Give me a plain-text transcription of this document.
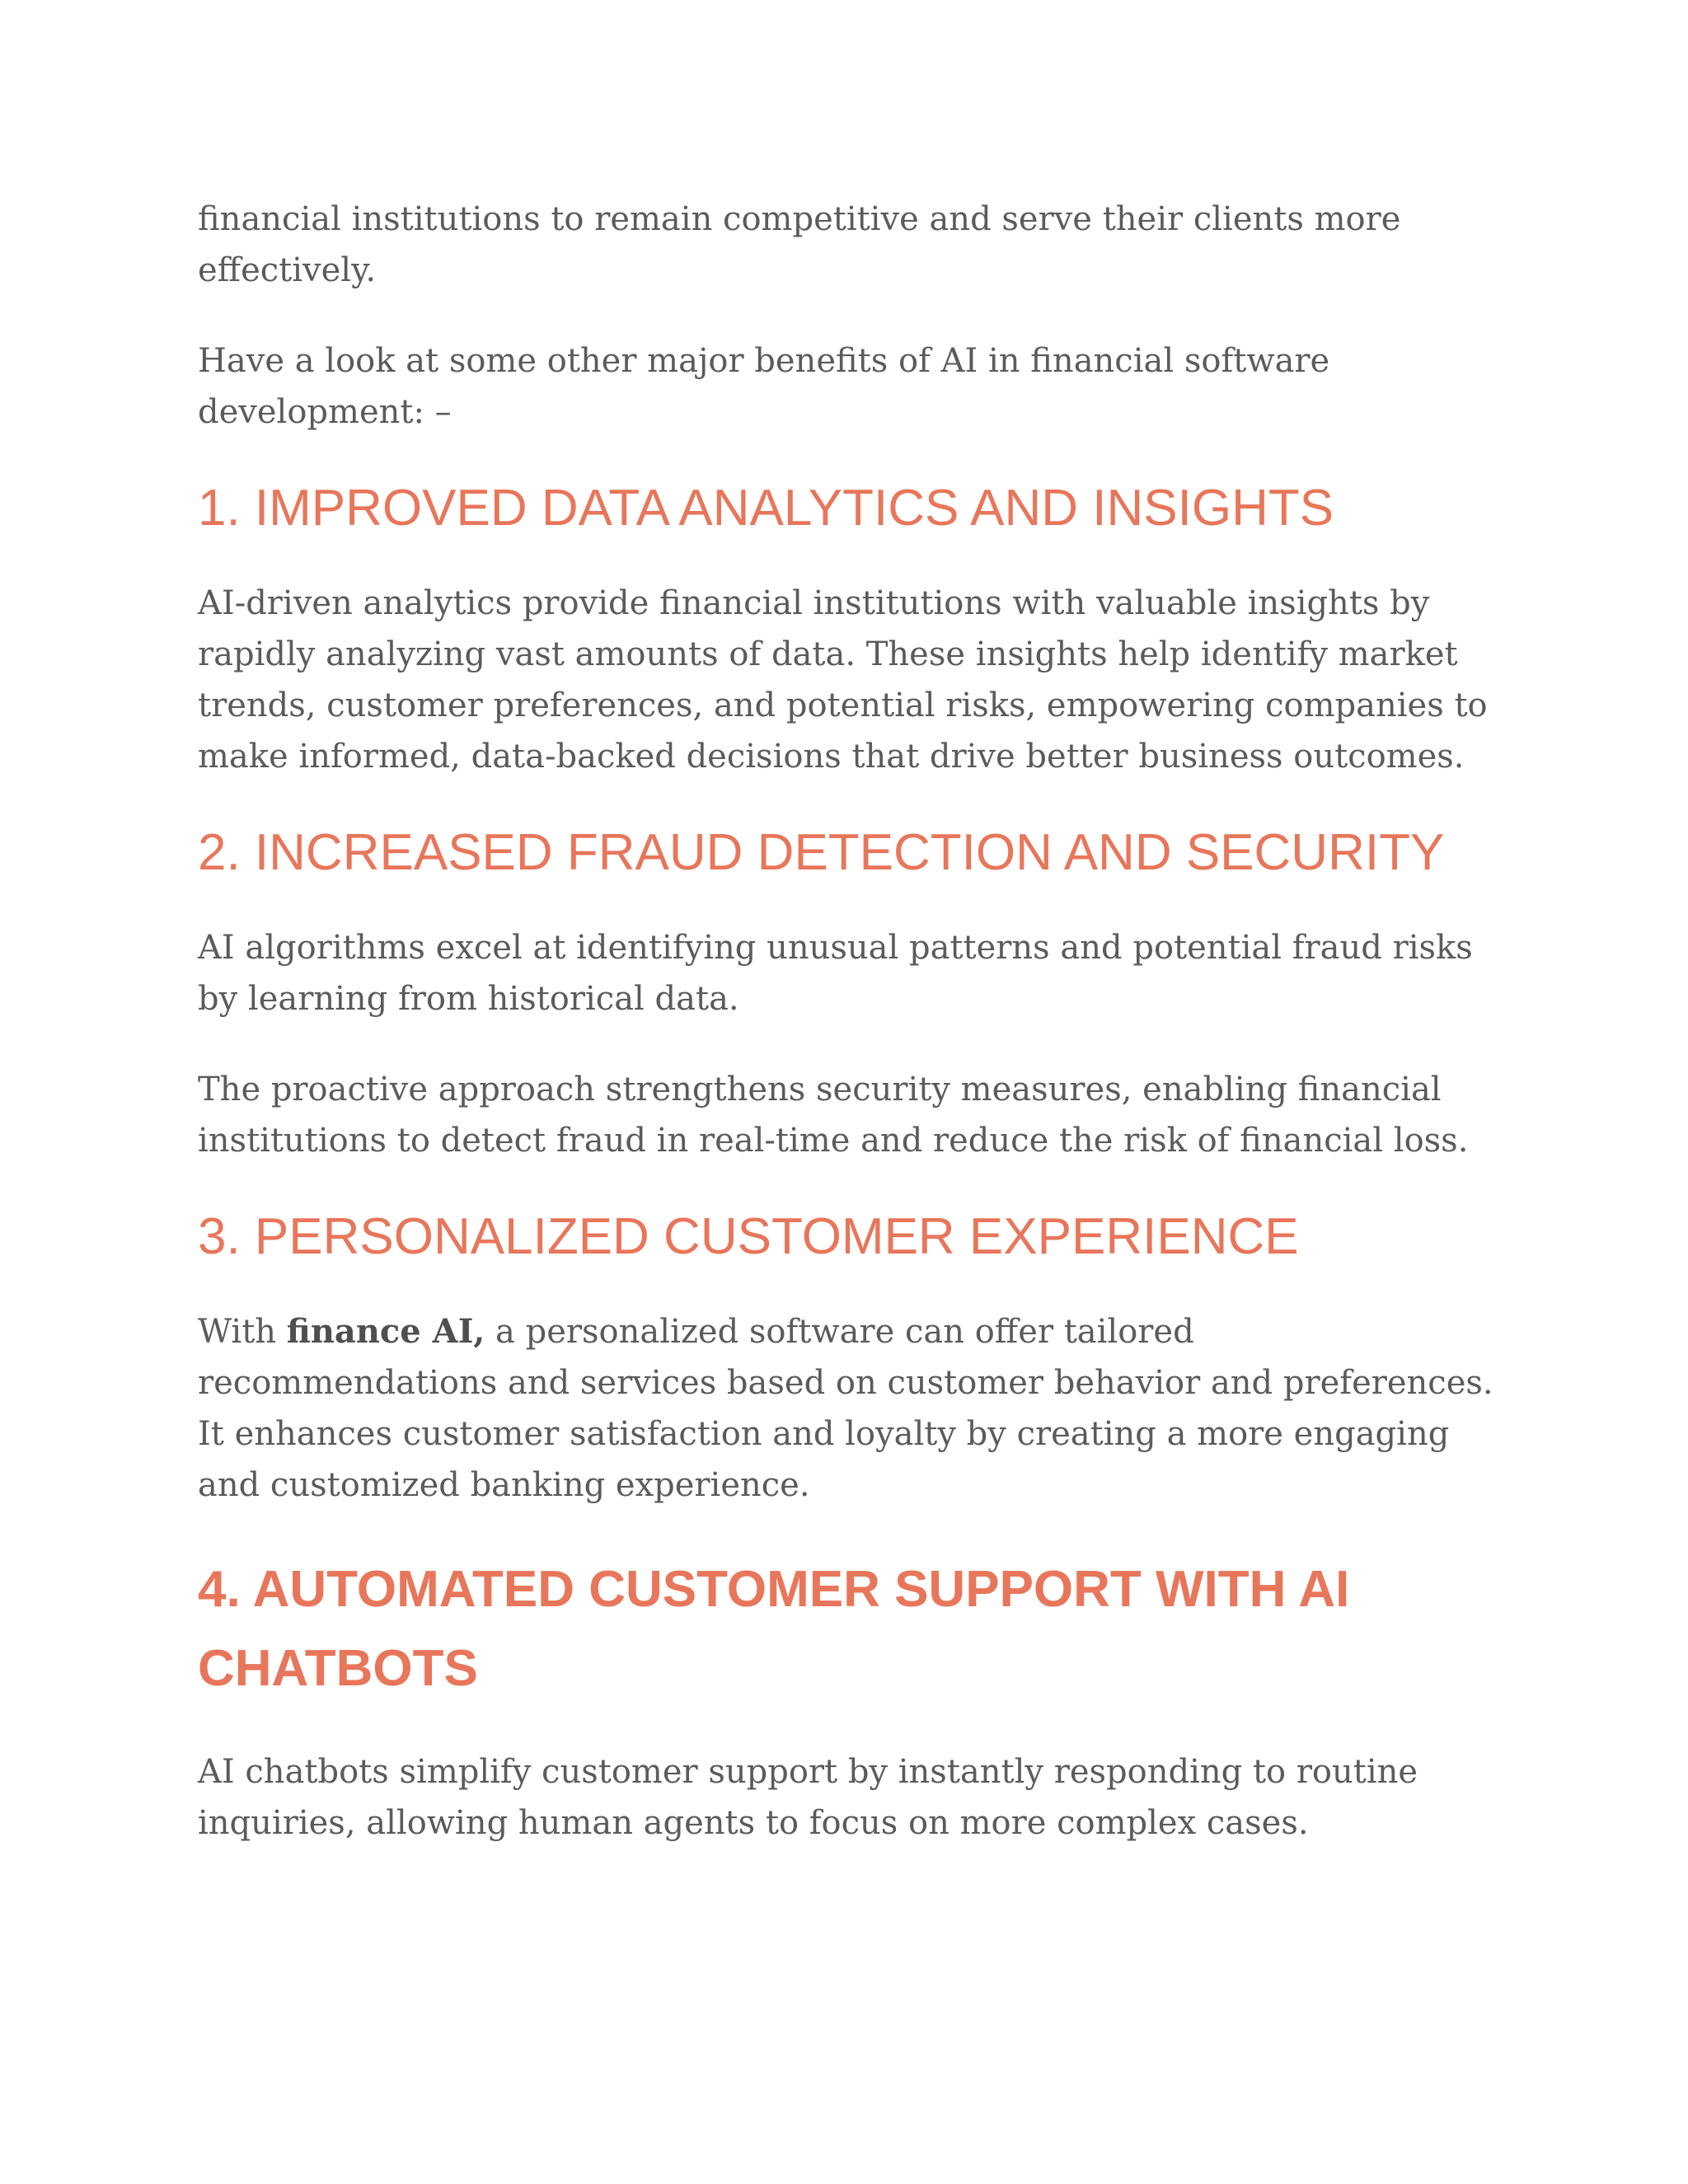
financial institutions to remain competitive and serve their clients more effectively.

Have a look at some other major benefits of AI in financial software development: –

1. IMPROVED DATA ANALYTICS AND INSIGHTS

AI-driven analytics provide financial institutions with valuable insights by rapidly analyzing vast amounts of data. These insights help identify market trends, customer preferences, and potential risks, empowering companies to make informed, data-backed decisions that drive better business outcomes.

2. INCREASED FRAUD DETECTION AND SECURITY

AI algorithms excel at identifying unusual patterns and potential fraud risks by learning from historical data.

The proactive approach strengthens security measures, enabling financial institutions to detect fraud in real-time and reduce the risk of financial loss.

3. PERSONALIZED CUSTOMER EXPERIENCE

With finance AI, a personalized software can offer tailored recommendations and services based on customer behavior and preferences. It enhances customer satisfaction and loyalty by creating a more engaging and customized banking experience.

4. AUTOMATED CUSTOMER SUPPORT WITH AI CHATBOTS

AI chatbots simplify customer support by instantly responding to routine inquiries, allowing human agents to focus on more complex cases.
